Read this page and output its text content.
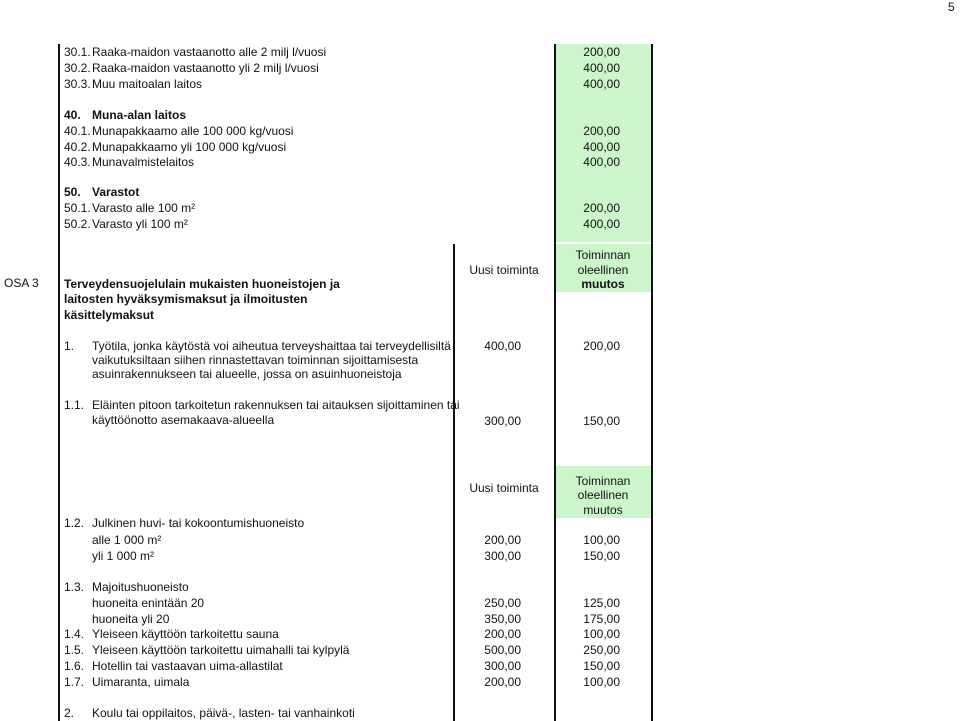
5
30.1. Raaka-maidon vastaanotto alle 2 milj l/vuosi	200,00
30.2. Raaka-maidon vastaanotto yli 2 milj l/vuosi	400,00
30.3. Muu maitoalan laitos	400,00
40. Muna-alan laitos
40.1. Munapakkaamo alle 100 000 kg/vuosi	200,00
40.2. Munapakkaamo yli 100 000 kg/vuosi	400,00
40.3. Munavalmistelaitos	400,00
50. Varastot
50.1. Varasto alle 100 m²	200,00
50.2. Varasto yli 100 m²	400,00
OSA 3
Uusi toiminta
Toiminnan
oleellinen
muutos
Terveydensuojelulain mukaisten huoneistojen ja
laitosten hyväksymismaksut ja ilmoitusten
käsittelymaksut
1. Työtila, jonka käytöstä voi aiheutua terveyshaittaa tai terveydellisiltä
vaikutuksiltaan siihen rinnastettavan toiminnan sijoittamisesta
asuinrakennukseen tai alueelle, jossa on asuinhuoneistoja
400,00	200,00
1.1. Eläinten pitoon tarkoitetun rakennuksen tai aitauksen sijoittaminen tai
käyttöönotto asemakaava-alueella	300,00	150,00
Uusi toiminta	Toiminnan
oleellinen
muutos
1.2. Julkinen huvi- tai kokoontumishuoneisto
alle 1 000 m²	200,00	100,00
yli 1 000 m²	300,00	150,00
1.3. Majoitushuoneisto
huoneita enintään 20	250,00	125,00
huoneita yli 20	350,00	175,00
1.4. Yleiseen käyttöön tarkoitettu sauna	200,00	100,00
1.5. Yleiseen käyttöön tarkoitettu uimahalli tai kylpylä	500,00	250,00
1.6. Hotellin tai vastaavan uima-allastilat	300,00	150,00
1.7. Uimaranta, uimala	200,00	100,00
2. Koulu tai oppilaitos, päivä-, lasten- tai vanhainkoti
